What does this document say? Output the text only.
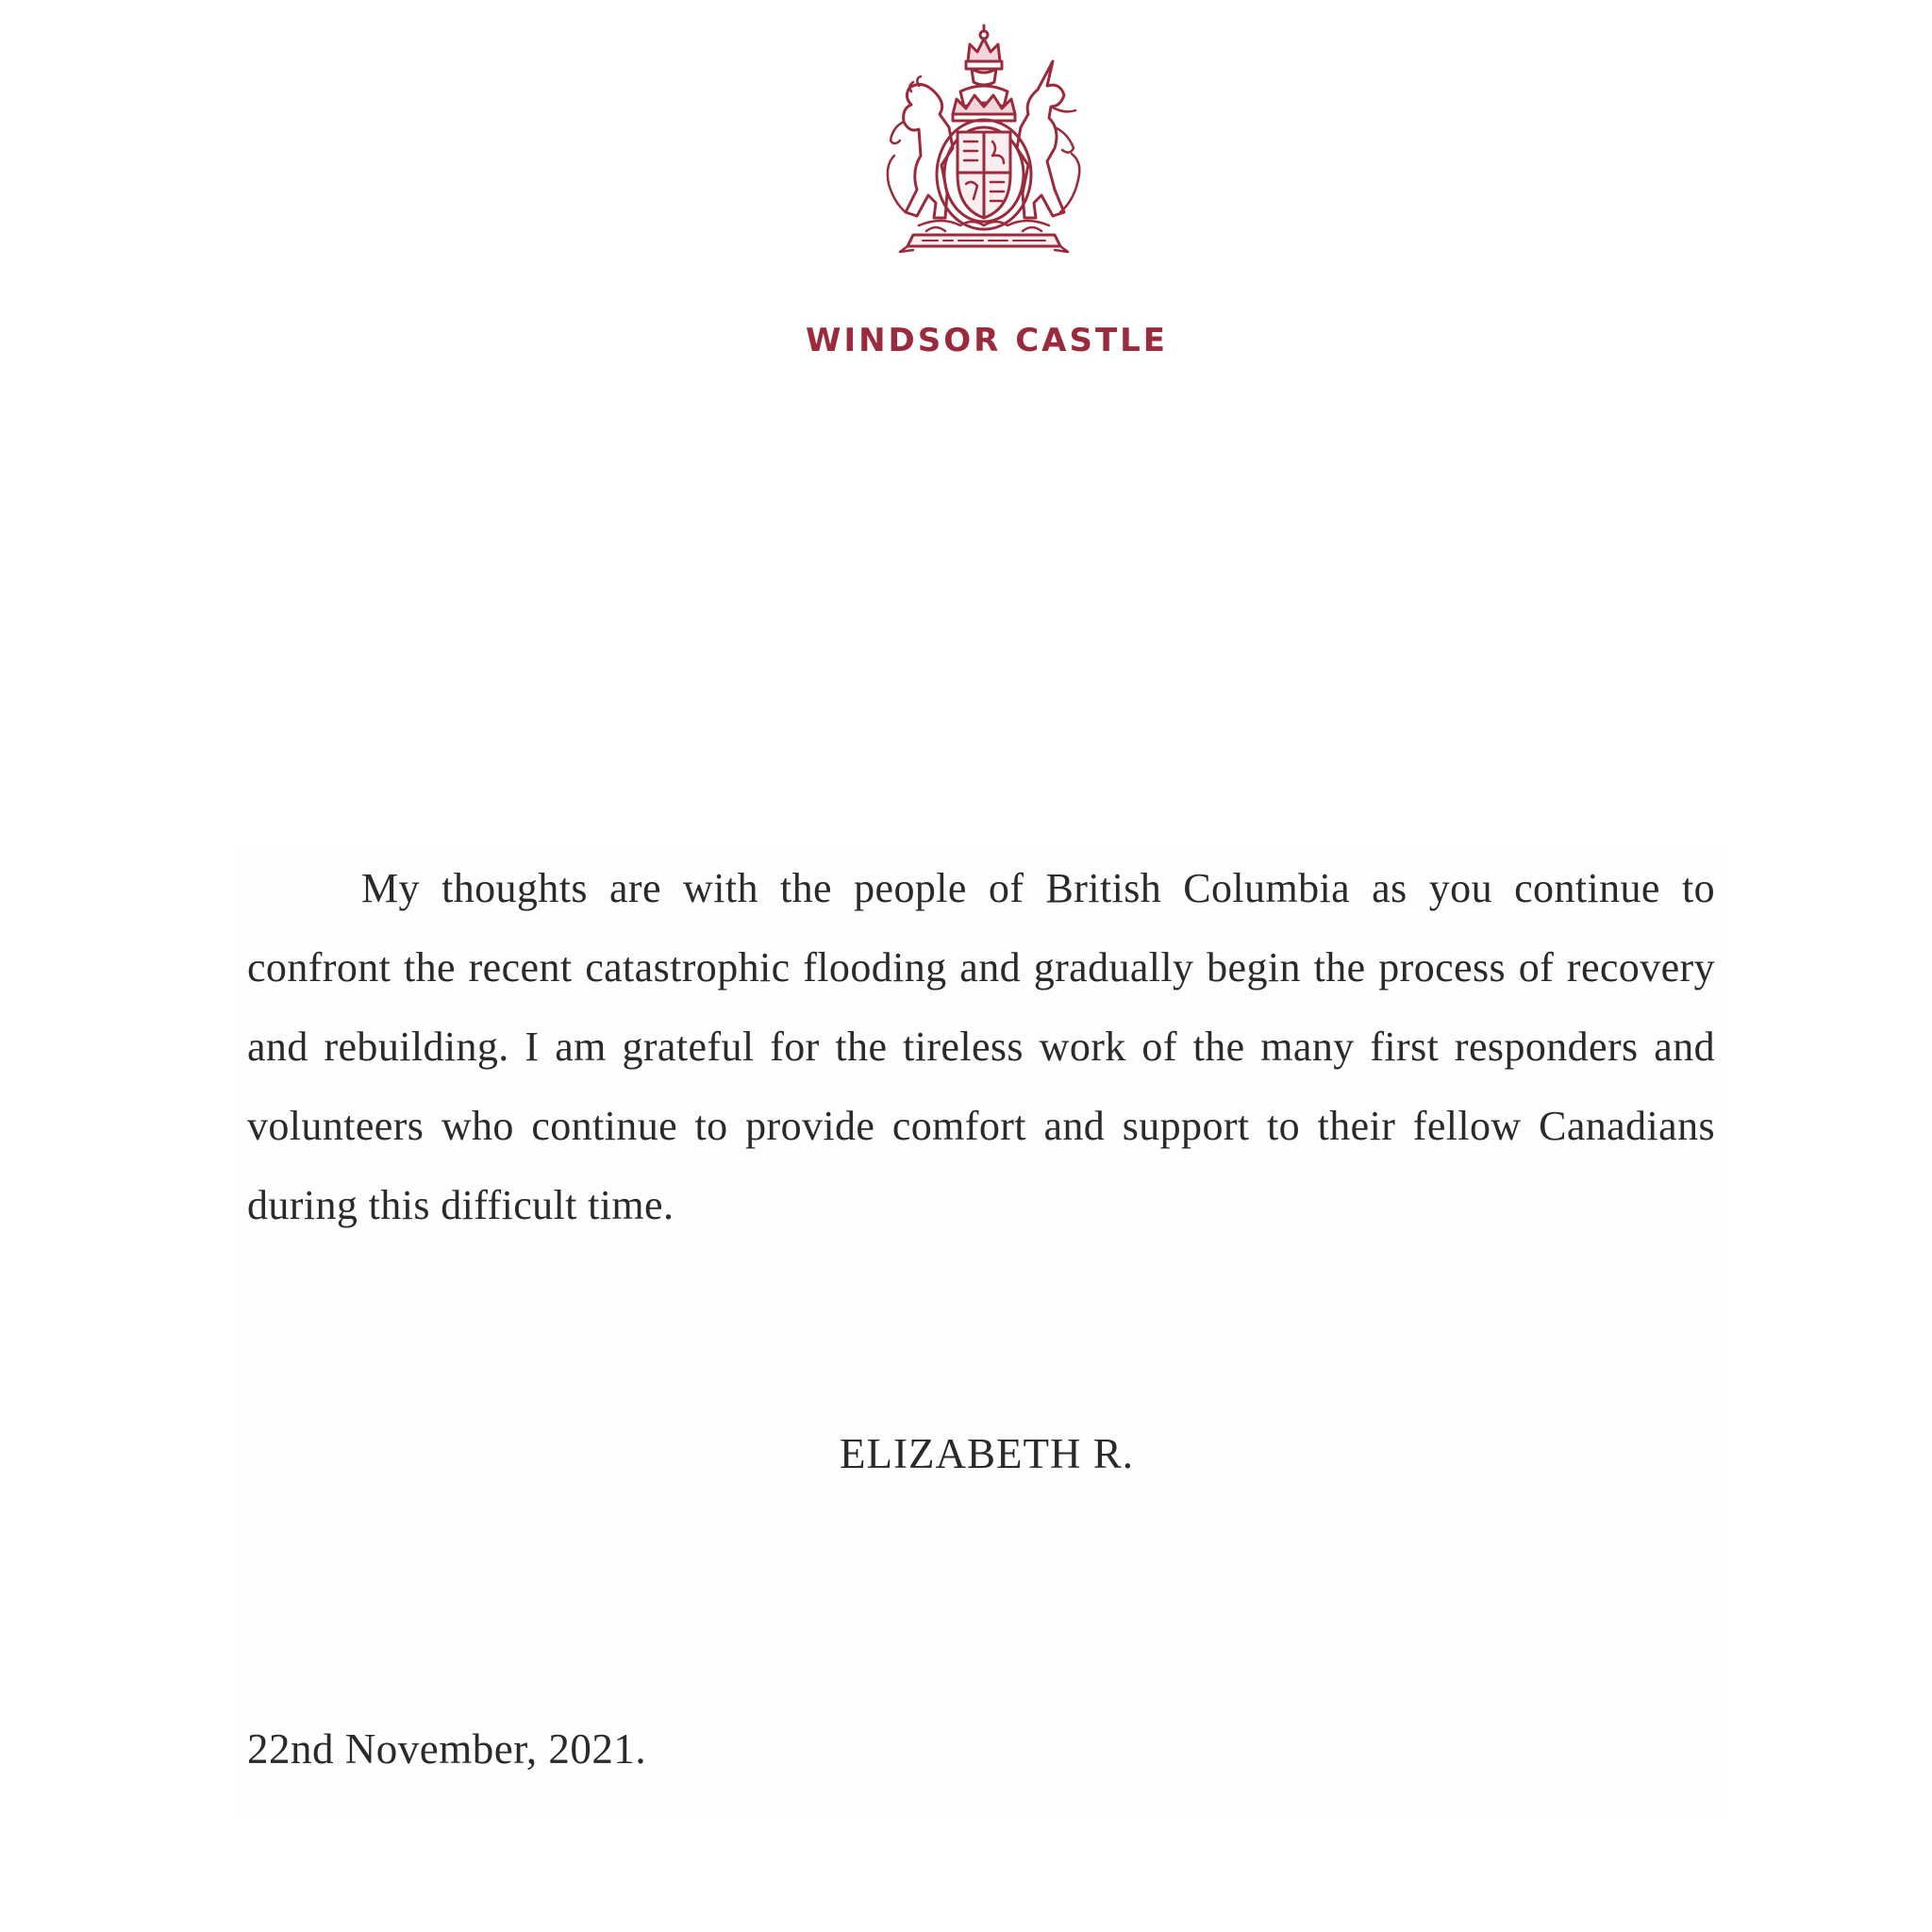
WINDSOR CASTLE
My thoughts are with the people of British Columbia as you continue to confront the recent catastrophic flooding and gradually begin the process of recovery and rebuilding. I am grateful for the tireless work of the many first responders and volunteers who continue to provide comfort and support to their fellow Canadians during this difficult time.
ELIZABETH R.
22nd November, 2021.
